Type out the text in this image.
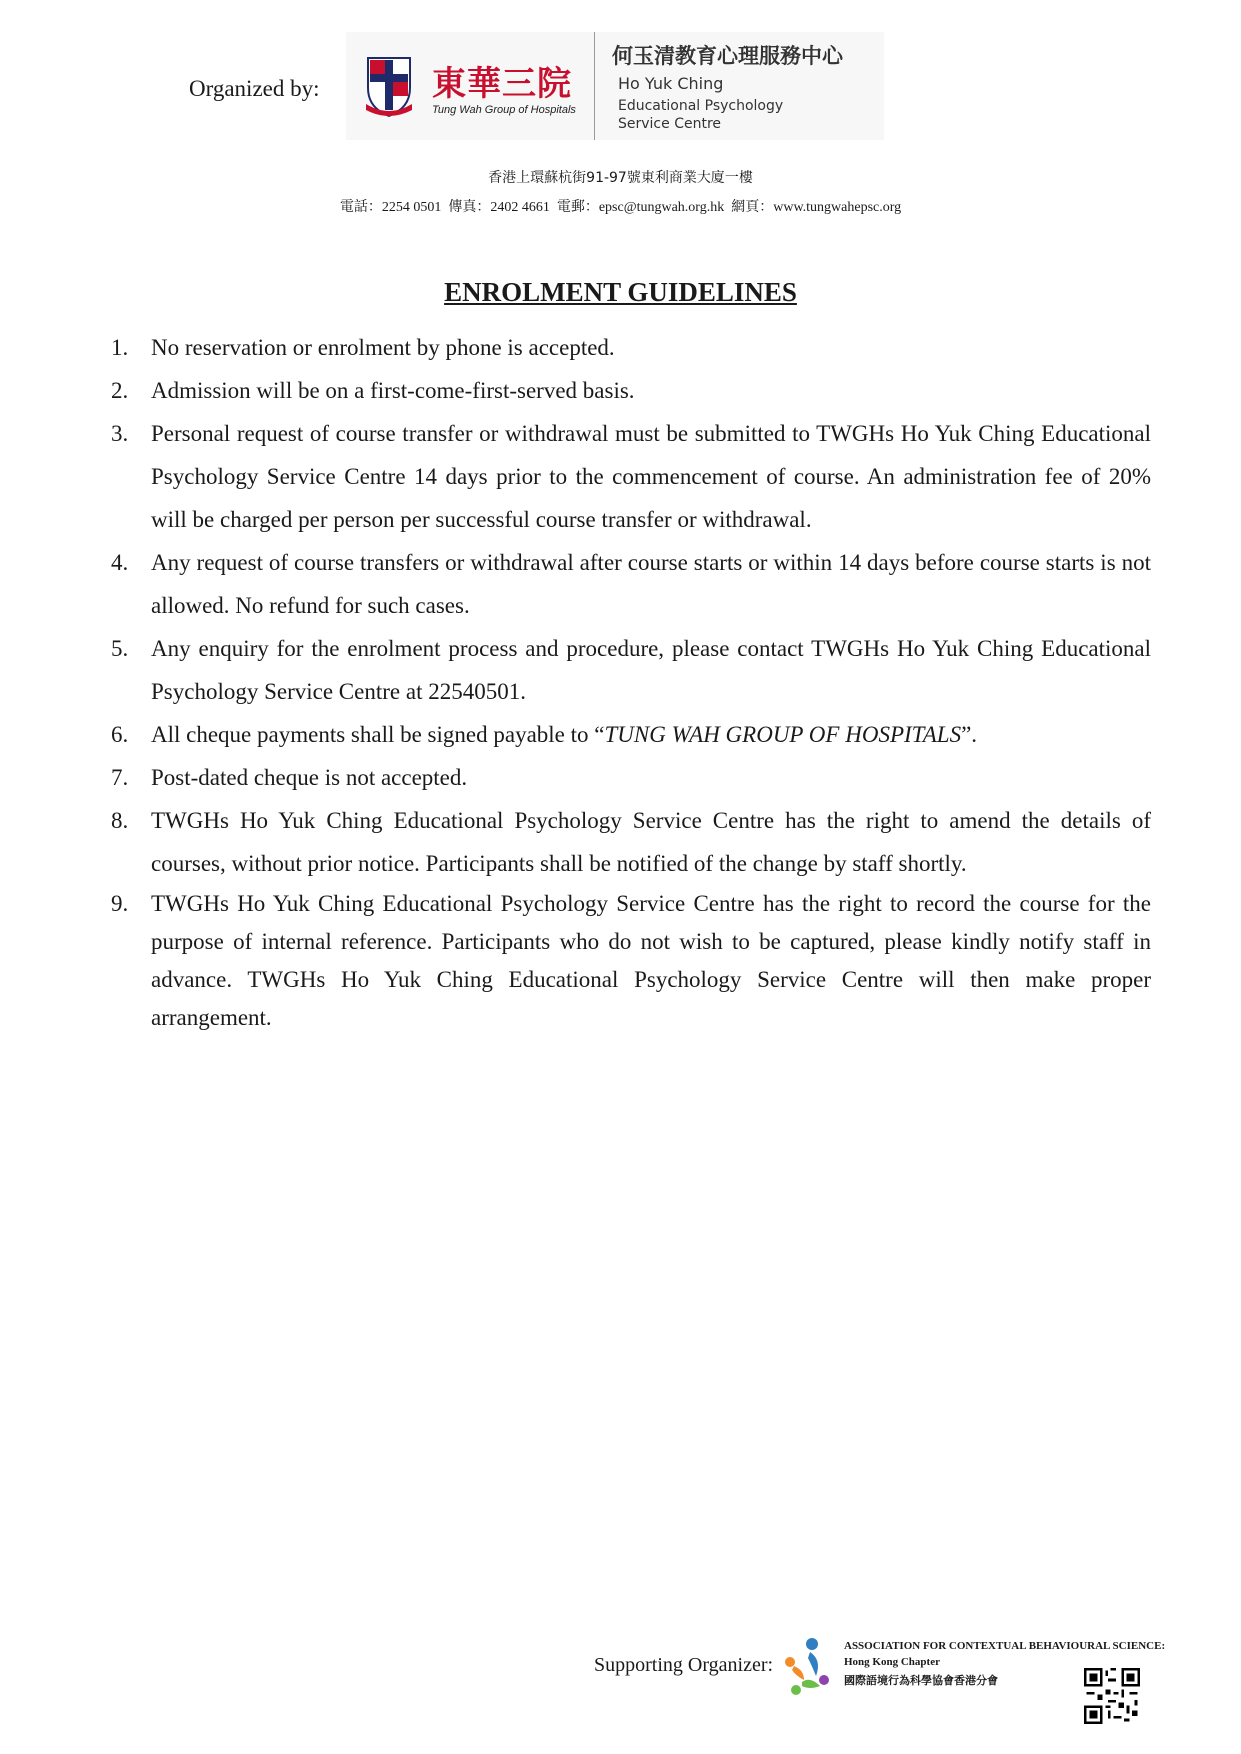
Organized by:	東華三院
Tung Wah Group of Hospitals
何玉清教育心理服務中心
Ho Yuk Ching
Educational Psychology
Service Centre
香港上環蘇杭街91-97號東利商業大廈一樓
電話：2254 0501 傳真：2402 4661 電郵：epsc@tungwah.org.hk 網頁：www.tungwahepsc.org
ENROLMENT GUIDELINES
1. No reservation or enrolment by phone is accepted.
2. Admission will be on a first-come-first-served basis.
3. Personal request of course transfer or withdrawal must be submitted to TWGHs Ho Yuk Ching Educational Psychology Service Centre 14 days prior to the commencement of course. An administration fee of 20% will be charged per person per successful course transfer or withdrawal.
4. Any request of course transfers or withdrawal after course starts or within 14 days before course starts is not allowed. No refund for such cases.
5. Any enquiry for the enrolment process and procedure, please contact TWGHs Ho Yuk Ching Educational Psychology Service Centre at 22540501.
6. All cheque payments shall be signed payable to “TUNG WAH GROUP OF HOSPITALS”.
7. Post-dated cheque is not accepted.
8. TWGHs Ho Yuk Ching Educational Psychology Service Centre has the right to amend the details of courses, without prior notice. Participants shall be notified of the change by staff shortly.
9. TWGHs Ho Yuk Ching Educational Psychology Service Centre has the right to record the course for the purpose of internal reference. Participants who do not wish to be captured, please kindly notify staff in advance. TWGHs Ho Yuk Ching Educational Psychology Service Centre will then make proper arrangement.
Supporting Organizer:
ASSOCIATION FOR CONTEXTUAL BEHAVIOURAL SCIENCE:
Hong Kong Chapter
國際語境行為科學協會香港分會
